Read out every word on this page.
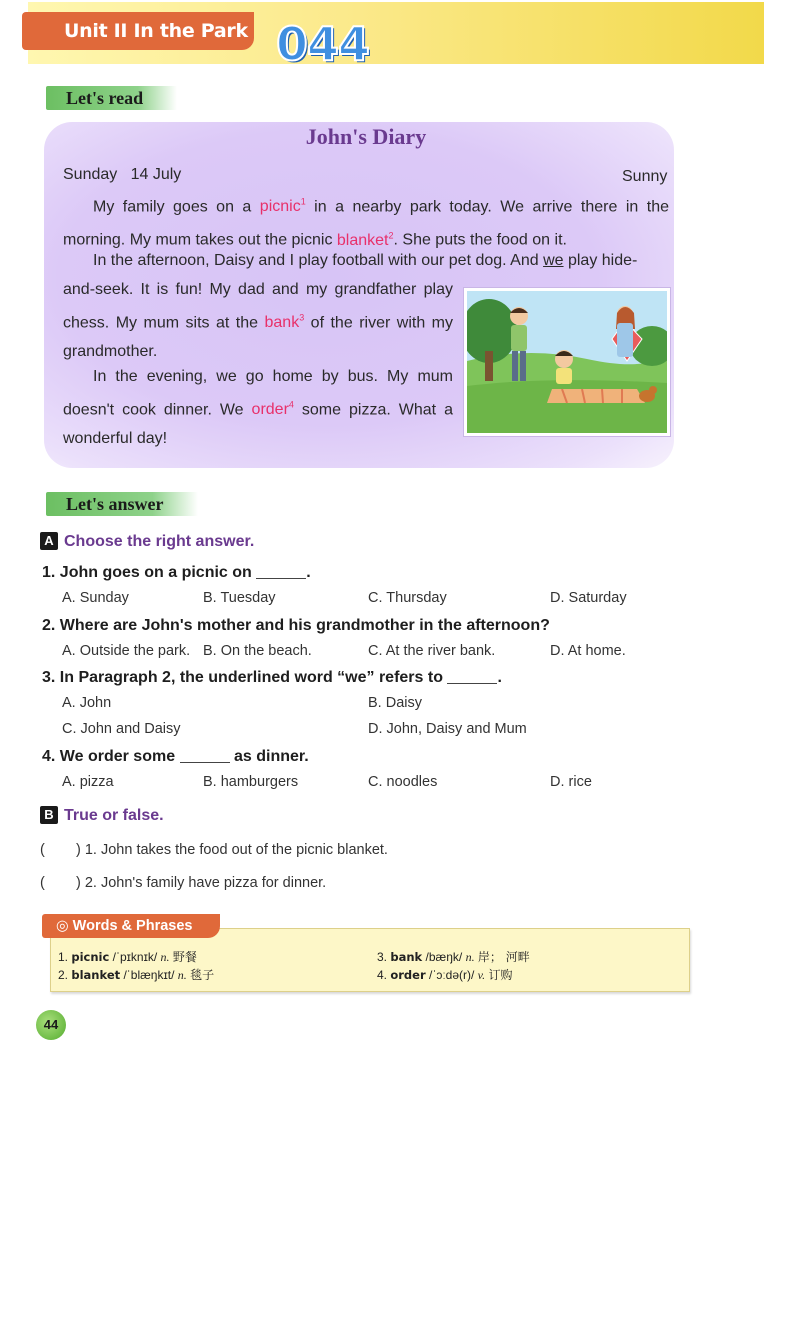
Unit II In the Park 044
Let's read
John's Diary
Sunday   14 July	Sunny
My family goes on a picnic$^1$ in a nearby park today. We arrive there in the morning. My mum takes out the picnic blanket$^2$. She puts the food on it.
In the afternoon, Daisy and I play football with our pet dog. And we play hide-
and-seek. It is fun! My dad and my grandfather play chess. My mum sits at the bank$^3$ of the river with my grandmother.
In the evening, we go home by bus. My mum doesn't cook dinner. We order$^4$ some pizza. What a wonderful day!
Let's answer
A Choose the right answer.
1. John goes on a picnic on	.
A. Sunday	B. Tuesday	C. Thursday	D. Saturday
2. Where are John's mother and his grandmother in the afternoon?
A. Outside the park. B. On the beach.	C. At the river bank.	D. At home.
3. In Paragraph 2, the underlined word “we” refers to	.
A. John	B. Daisy
C. John and Daisy	D. John, Daisy and Mum
4. We order some	as dinner.
A. pizza	B. hamburgers	C. noodles	D. rice
B True or false.
( ) 1. John takes the food out of the picnic blanket.
( ) 2. John's family have pizza for dinner.
◎ Words & Phrases
1. picnic /ˈpɪknɪk/ n. 野餐
2. blanket /ˈblæŋkɪt/ n. 毯子
3. bank /bæŋk/ n. 岸； 河畔
4. order /ˈɔːdə(r)/ v. 订购
44
